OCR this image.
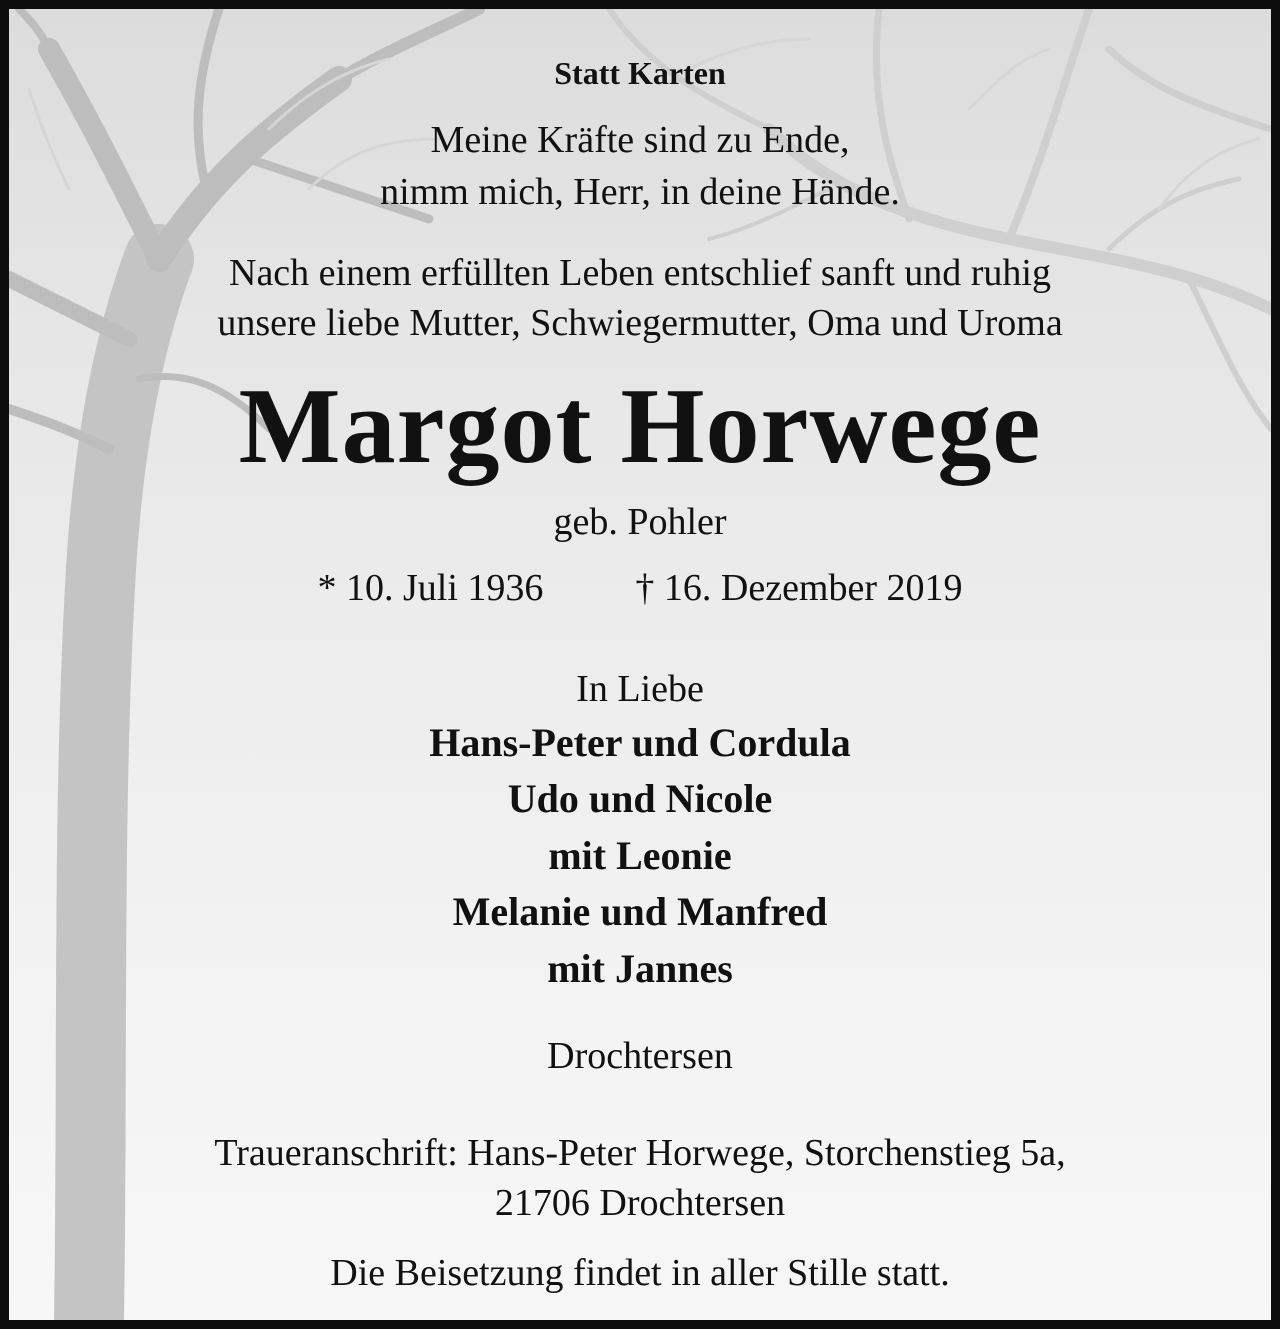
Statt Karten

Meine Kräfte sind zu Ende,

nimm mich, Herr, in deine Hände.

Nach einem erfüllten Leben entschlief sanft und ruhig

unsere liebe Mutter, Schwiegermutter, Oma und Uroma

Margot Horwege

geb. Pohler

* 10. Juli 1936 † 16. Dezember 2019

In Liebe

Hans-Peter und Cordula

Udo und Nicole

mit Leonie

Melanie und Manfred

mit Jannes

Drochtersen

Traueranschrift: Hans-Peter Horwege, Storchenstieg 5a,

21706 Drochtersen

Die Beisetzung findet in aller Stille statt.
